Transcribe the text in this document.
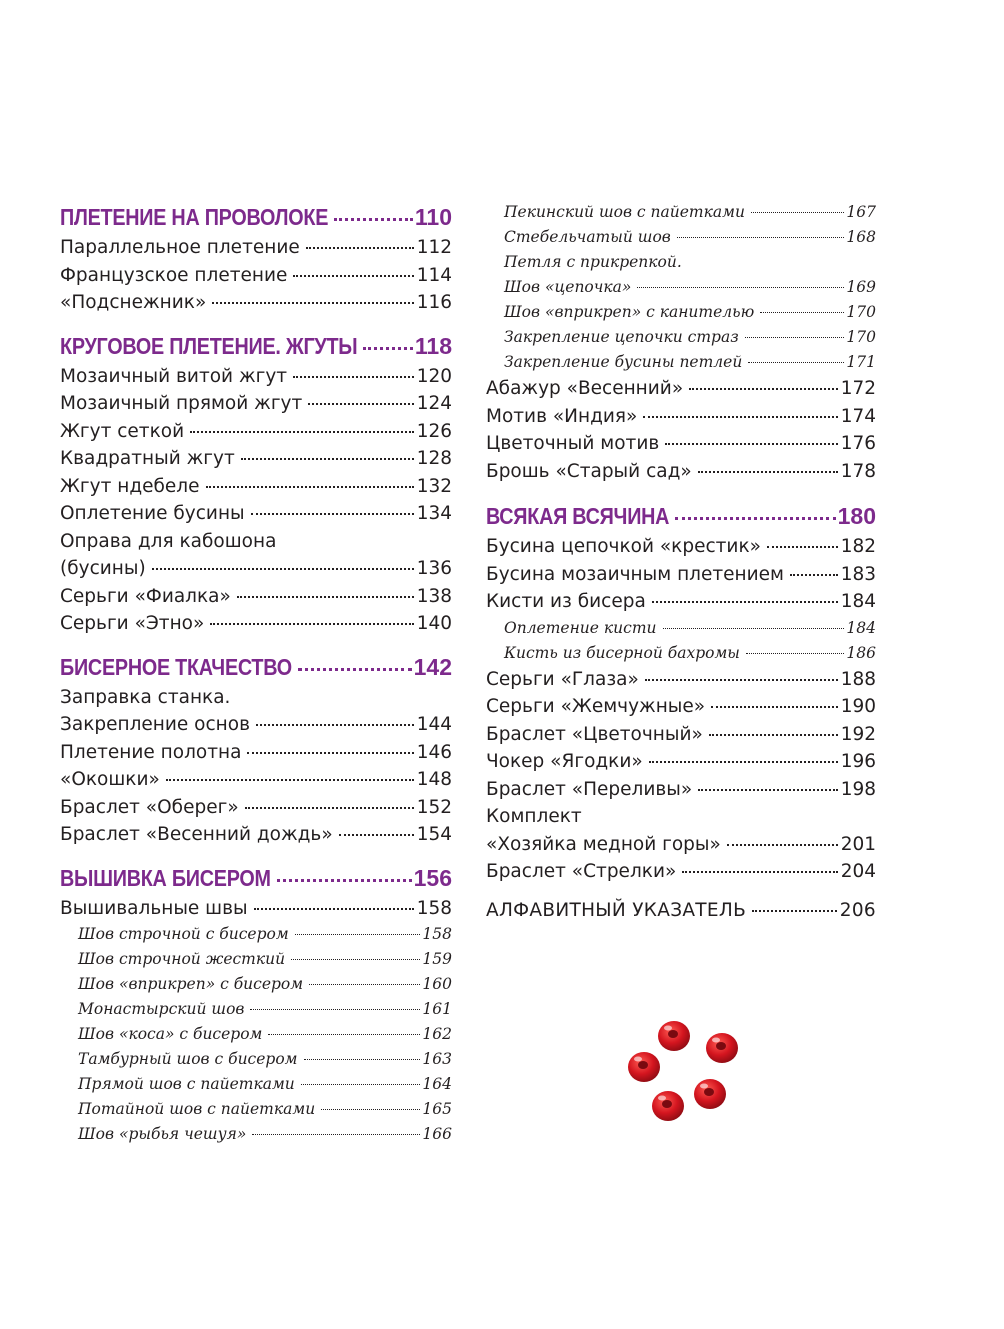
ПЛЕТЕНИЕ НА ПРОВОЛОКЕ	110
Параллельное плетение	112
Французское плетение	114
«Подснежник»	116
КРУГОВОЕ ПЛЕТЕНИЕ. ЖГУТЫ 118
Мозаичный витой жгут	120
Мозаичный прямой жгут	124
Жгут сеткой	126
Квадратный жгут	128
Жгут ндебеле	132
Оплетение бусины	134
Оправа для кабошона
(бусины)	136
Серьги «Фиалка»	138
Серьги «Этно»	140
БИСЕРНОЕ ТКАЧЕСТВО	142
Заправка станка.
Закрепление основ	144
Плетение полотна	146
«Окошки»	148
Браслет «Оберег»	152
Браслет «Весенний дождь»	154
ВЫШИВКА БИСЕРОМ	156
Вышивальные швы	158
Шов строчной с бисером	158
Шов строчной жесткий	159
Шов «вприкреп» с бисером	160
Монастырский шов	161
Шов «коса» с бисером	162
Тамбурный шов с бисером	163
Прямой шов с пайетками	164
Потайной шов с пайетками	165
Шов «рыбья чешуя»	166
Пекинский шов с пайетками	167
Стебельчатый шов	168
Петля с прикрепкой.
Шов «цепочка»	169
Шов «вприкреп» с канителью	170
Закрепление цепочки страз	170
Закрепление бусины петлей	171
Абажур «Весенний»	172
Мотив «Индия»	174
Цветочный мотив	176
Брошь «Старый сад»	178
ВСЯКАЯ ВСЯЧИНА	180
Бусина цепочкой «крестик»	182
Бусина мозаичным плетением	183
Кисти из бисера	184
Оплетение кисти	184
Кисть из бисерной бахромы	186
Серьги «Глаза»	188
Серьги «Жемчужные»	190
Браслет «Цветочный»	192
Чокер «Ягодки»	196
Браслет «Переливы»	198
Комплект
«Хозяйка медной горы»	201
Браслет «Стрелки»	204
АЛФАВИТНЫЙ УКАЗАТЕЛЬ	206
